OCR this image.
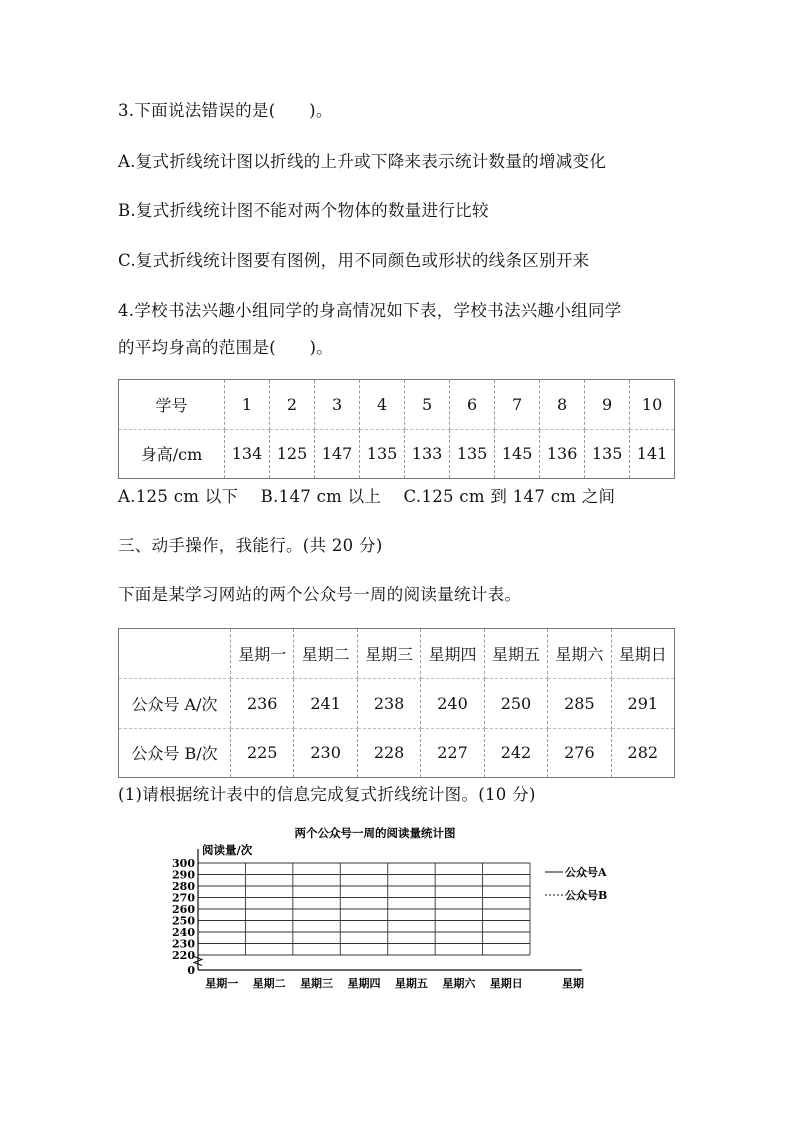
3.下面说法错误的是(　　)。
A.复式折线统计图以折线的上升或下降来表示统计数量的增减变化
B.复式折线统计图不能对两个物体的数量进行比较
C.复式折线统计图要有图例，用不同颜色或形状的线条区别开来
4.学校书法兴趣小组同学的身高情况如下表，学校书法兴趣小组同学
的平均身高的范围是(　　)。
学号	1	2	3	4	5	6	7	8	9	10
身高/cm	134	125	147	135	133	135	145	136	135	141
A.125 cm 以下　 B.147 cm 以上　 C.125 cm 到 147 cm 之间
三、动手操作，我能行。(共 20 分)
下面是某学习网站的两个公众号一周的阅读量统计表。
	星期一	星期二	星期三	星期四	星期五	星期六	星期日
公众号 A/次	236	241	238	240	250	285	291
公众号 B/次	225	230	228	227	242	276	282
(1)请根据统计表中的信息完成复式折线统计图。(10 分)
两个公众号一周的阅读量统计图
阅读量/次
300
290
280
270
260
250
240
230
220
0
星期一 星期二 星期三 星期四 星期五 星期六 星期日	星期
公众号A
公众号B
